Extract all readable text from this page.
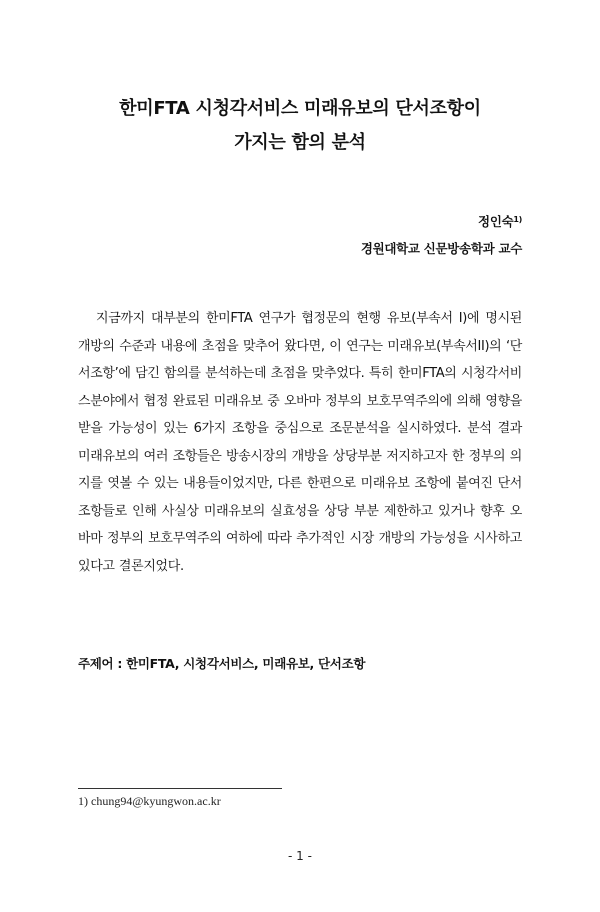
한미FTA 시청각서비스 미래유보의 단서조항이
가지는 함의 분석
정인숙$^{1)}$
경원대학교 신문방송학과 교수

지금까지 대부분의 한미FTA 연구가 협정문의 현행 유보(부속서 I)에 명시된 개방의 수준과 내용에 초점을 맞추어 왔다면, 이 연구는 미래유보(부속서II)의 ‘단서조항’에 담긴 함의를 분석하는데 초점을 맞추었다. 특히 한미FTA의 시청각서비스분야에서 협정 완료된 미래유보 중 오바마 정부의 보호무역주의에 의해 영향을 받을 가능성이 있는 6가지 조항을 중심으로 조문분석을 실시하였다. 분석 결과 미래유보의 여러 조항들은 방송시장의 개방을 상당부분 저지하고자 한 정부의 의지를 엿볼 수 있는 내용들이었지만, 다른 한편으로 미래유보 조항에 붙여진 단서조항들로 인해 사실상 미래유보의 실효성을 상당 부분 제한하고 있거나 향후 오바마 정부의 보호무역주의 여하에 따라 추가적인 시장 개방의 가능성을 시사하고 있다고 결론지었다.

주제어 : 한미FTA, 시청각서비스, 미래유보, 단서조항
1) chung94@kyungwon.ac.kr
- 1 -
